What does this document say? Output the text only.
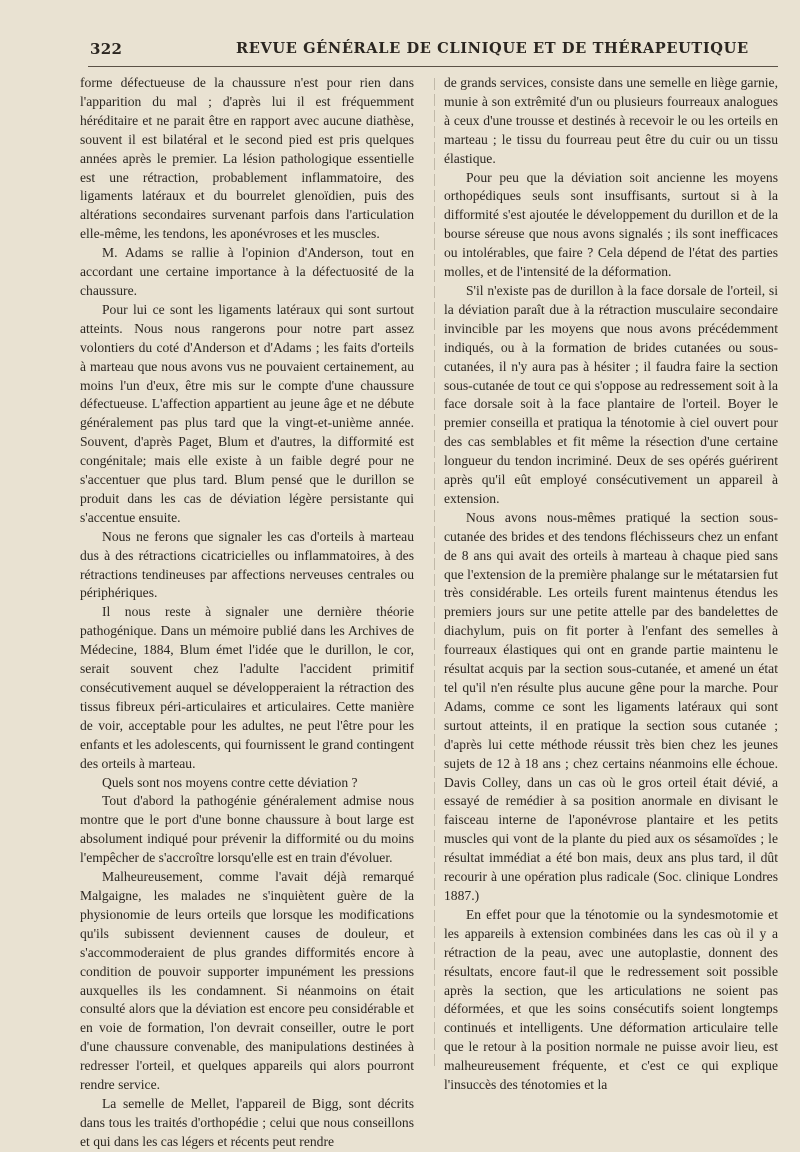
322	REVUE GÉNÉRALE DE CLINIQUE ET DE THÉRAPEUTIQUE

forme défectueuse de la chaussure n'est pour rien dans l'apparition du mal ; d'après lui il est fréquemment héréditaire et ne parait être en rapport avec aucune diathèse, souvent il est bilatéral et le second pied est pris quelques années après le premier. La lésion pathologique essentielle est une rétraction, probablement inflammatoire, des ligaments latéraux et du bourrelet glenoïdien, puis des altérations secondaires survenant parfois dans l'articulation elle-même, les tendons, les aponévroses et les muscles.

M. Adams se rallie à l'opinion d'Anderson, tout en accordant une certaine importance à la défectuosité de la chaussure.

Pour lui ce sont les ligaments latéraux qui sont surtout atteints. Nous nous rangerons pour notre part assez volontiers du coté d'Anderson et d'Adams ; les faits d'orteils à marteau que nous avons vus ne pouvaient certainement, au moins l'un d'eux, être mis sur le compte d'une chaussure défectueuse. L'affection appartient au jeune âge et ne débute généralement pas plus tard que la vingt-et-unième année. Souvent, d'après Paget, Blum et d'autres, la difformité est congénitale; mais elle existe à un faible degré pour ne s'accentuer que plus tard. Blum pensé que le durillon se produit dans les cas de déviation légère persistante qui s'accentue ensuite.

Nous ne ferons que signaler les cas d'orteils à marteau dus à des rétractions cicatricielles ou inflammatoires, à des rétractions tendineuses par affections nerveuses centrales ou périphériques.

Il nous reste à signaler une dernière théorie pathogénique. Dans un mémoire publié dans les Archives de Médecine, 1884, Blum émet l'idée que le durillon, le cor, serait souvent chez l'adulte l'accident primitif consécutivement auquel se développeraient la rétraction des tissus fibreux péri-articulaires et articulaires. Cette manière de voir, acceptable pour les adultes, ne peut l'être pour les enfants et les adolescents, qui fournissent le grand contingent des orteils à marteau.

Quels sont nos moyens contre cette déviation ?

Tout d'abord la pathogénie généralement admise nous montre que le port d'une bonne chaussure à bout large est absolument indiqué pour prévenir la difformité ou du moins l'empêcher de s'accroître lorsqu'elle est en train d'évoluer.

Malheureusement, comme l'avait déjà remarqué Malgaigne, les malades ne s'inquiètent guère de la physionomie de leurs orteils que lorsque les modifications qu'ils subissent deviennent causes de douleur, et s'accommoderaient de plus grandes difformités encore à condition de pouvoir supporter impunément les pressions auxquelles ils les condamnent. Si néanmoins on était consulté alors que la déviation est encore peu considérable et en voie de formation, l'on devrait conseiller, outre le port d'une chaussure convenable, des manipulations destinées à redresser l'orteil, et quelques appareils qui alors pourront rendre service.

La semelle de Mellet, l'appareil de Bigg, sont décrits dans tous les traités d'orthopédie ; celui que nous conseillons et qui dans les cas légers et récents peut rendre

de grands services, consiste dans une semelle en liège garnie, munie à son extrêmité d'un ou plusieurs fourreaux analogues à ceux d'une trousse et destinés à recevoir le ou les orteils en marteau ; le tissu du fourreau peut être du cuir ou un tissu élastique.

Pour peu que la déviation soit ancienne les moyens orthopédiques seuls sont insuffisants, surtout si à la difformité s'est ajoutée le développement du durillon et de la bourse séreuse que nous avons signalés ; ils sont inefficaces ou intolérables, que faire ? Cela dépend de l'état des parties molles, et de l'intensité de la déformation.

S'il n'existe pas de durillon à la face dorsale de l'orteil, si la déviation paraît due à la rétraction musculaire secondaire invincible par les moyens que nous avons précédemment indiqués, ou à la formation de brides cutanées ou sous-cutanées, il n'y aura pas à hésiter ; il faudra faire la section sous-cutanée de tout ce qui s'oppose au redressement soit à la face dorsale soit à la face plantaire de l'orteil. Boyer le premier conseilla et pratiqua la ténotomie à ciel ouvert pour des cas semblables et fit même la résection d'une certaine longueur du tendon incriminé. Deux de ses opérés guérirent après qu'il eût employé consécutivement un appareil à extension.

Nous avons nous-mêmes pratiqué la section sous-cutanée des brides et des tendons fléchisseurs chez un enfant de 8 ans qui avait des orteils à marteau à chaque pied sans que l'extension de la première phalange sur le métatarsien fut très considérable. Les orteils furent maintenus étendus les premiers jours sur une petite attelle par des bandelettes de diachylum, puis on fit porter à l'enfant des semelles à fourreaux élastiques qui ont en grande partie maintenu le résultat acquis par la section sous-cutanée, et amené un état tel qu'il n'en résulte plus aucune gêne pour la marche. Pour Adams, comme ce sont les ligaments latéraux qui sont surtout atteints, il en pratique la section sous cutanée ; d'après lui cette méthode réussit très bien chez les jeunes sujets de 12 à 18 ans ; chez certains néanmoins elle échoue. Davis Colley, dans un cas où le gros orteil était dévié, a essayé de remédier à sa position anormale en divisant le faisceau interne de l'aponévrose plantaire et les petits muscles qui vont de la plante du pied aux os sésamoïdes ; le résultat immédiat a été bon mais, deux ans plus tard, il dût recourir à une opération plus radicale (Soc. clinique Londres 1887.)

En effet pour que la ténotomie ou la syndesmotomie et les appareils à extension combinées dans les cas où il y a rétraction de la peau, avec une autoplastie, donnent des résultats, encore faut-il que le redressement soit possible après la section, que les articulations ne soient pas déformées, et que les soins consécutifs soient longtemps continués et intelligents. Une déformation articulaire telle que le retour à la position normale ne puisse avoir lieu, est malheureusement fréquente, et c'est ce qui explique l'insuccès des ténotomies et la
